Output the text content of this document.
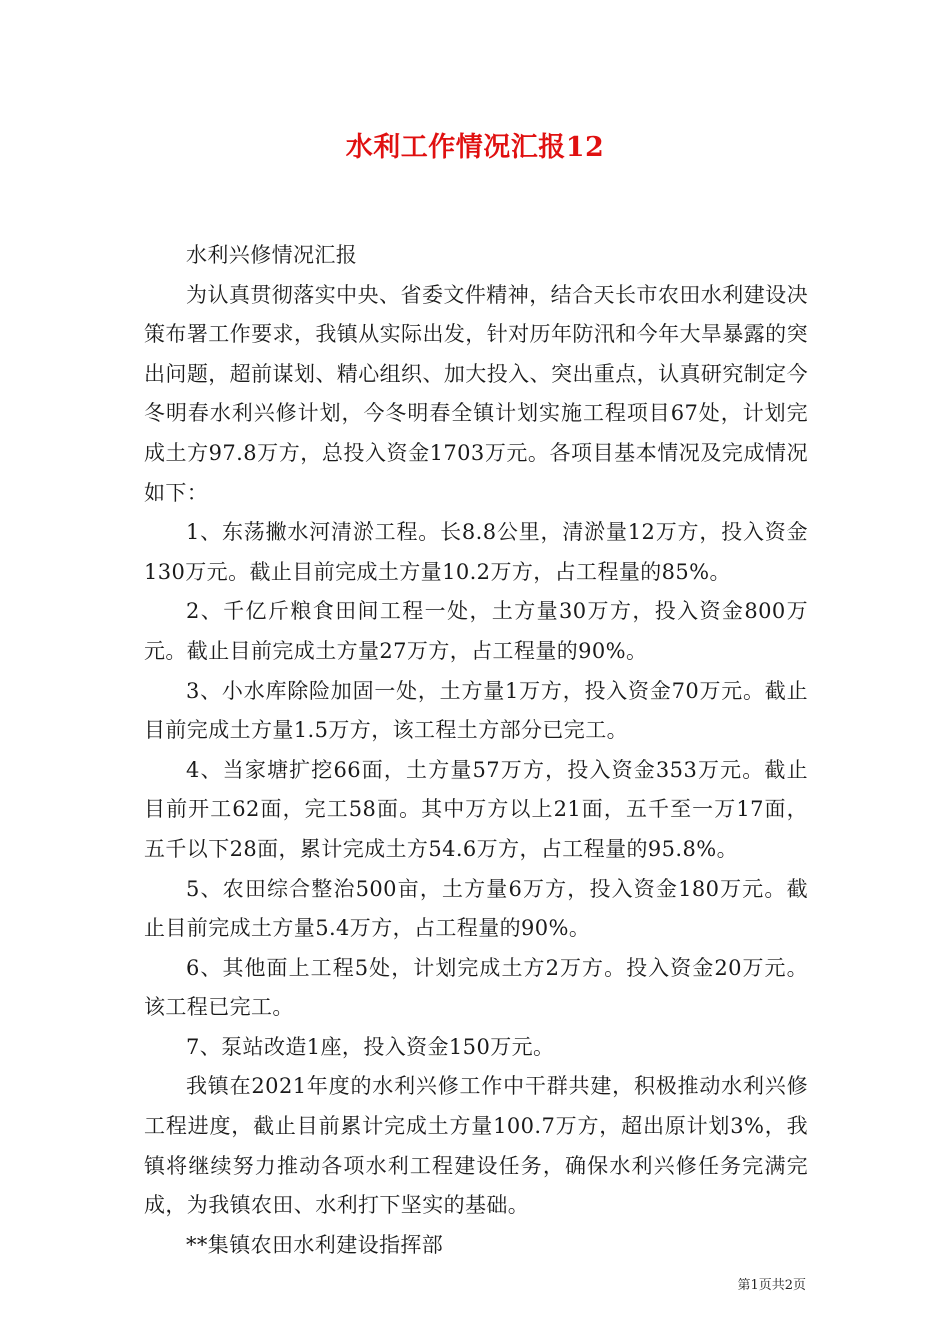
水利工作情况汇报12

水利兴修情况汇报

为认真贯彻落实中央、省委文件精神，结合天长市农田水利建设决策布署工作要求，我镇从实际出发，针对历年防汛和今年大旱暴露的突出问题，超前谋划、精心组织、加大投入、突出重点，认真研究制定今冬明春水利兴修计划，今冬明春全镇计划实施工程项目67处，计划完成土方97.8万方，总投入资金1703万元。各项目基本情况及完成情况如下：

1、东荡撇水河清淤工程。长8.8公里，清淤量12万方，投入资金130万元。截止目前完成土方量10.2万方，占工程量的85%。

2、千亿斤粮食田间工程一处，土方量30万方，投入资金800万元。截止目前完成土方量27万方，占工程量的90%。

3、小水库除险加固一处，土方量1万方，投入资金70万元。截止目前完成土方量1.5万方，该工程土方部分已完工。

4、当家塘扩挖66面，土方量57万方，投入资金353万元。截止目前开工62面，完工58面。其中万方以上21面，五千至一万17面，五千以下28面，累计完成土方54.6万方，占工程量的95.8%。

5、农田综合整治500亩，土方量6万方，投入资金180万元。截止目前完成土方量5.4万方，占工程量的90%。

6、其他面上工程5处，计划完成土方2万方。投入资金20万元。该工程已完工。

7、泵站改造1座，投入资金150万元。

我镇在2021年度的水利兴修工作中干群共建，积极推动水利兴修工程进度，截止目前累计完成土方量100.7万方，超出原计划3%，我镇将继续努力推动各项水利工程建设任务，确保水利兴修任务完满完成，为我镇农田、水利打下坚实的基础。

**集镇农田水利建设指挥部

第1页共2页
